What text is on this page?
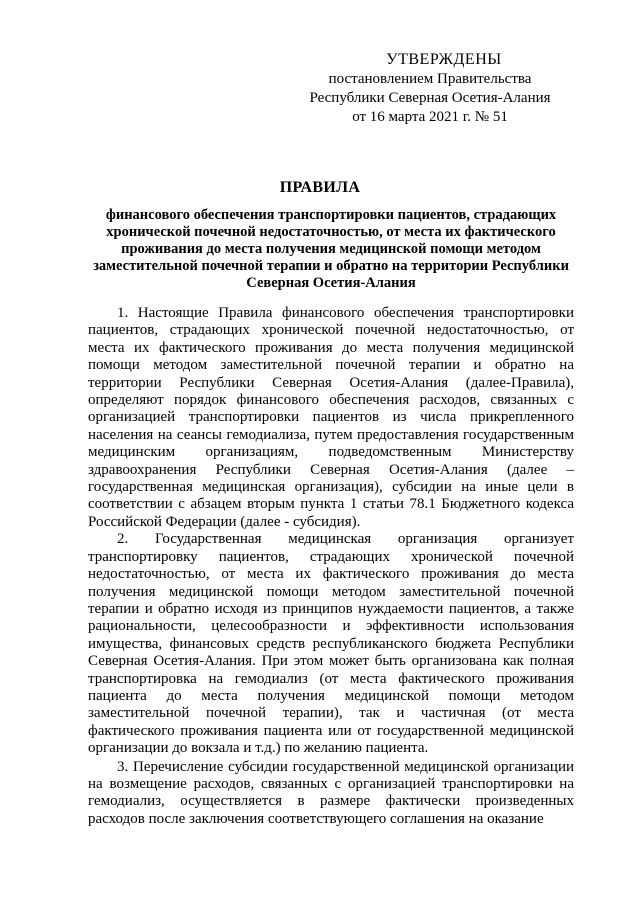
УТВЕРЖДЕНЫ
постановлением Правительства
Республики Северная Осетия-Алания
от 16 марта 2021 г. № 51
ПРАВИЛА
финансового обеспечения транспортировки пациентов, страдающих хронической почечной недостаточностью, от места их фактического проживания до места получения медицинской помощи методом заместительной почечной терапии и обратно на территории Республики Северная Осетия-Алания

1. Настоящие Правила финансового обеспечения транспортировки пациентов, страдающих хронической почечной недостаточностью, от места их фактического проживания до места получения медицинской помощи методом заместительной почечной терапии и обратно на территории Республики Северная Осетия-Алания (далее-Правила), определяют порядок финансового обеспечения расходов, связанных с организацией транспортировки пациентов из числа прикрепленного населения на сеансы гемодиализа, путем предоставления государственным медицинским организациям, подведомственным Министерству здравоохранения Республики Северная Осетия-Алания (далее – государственная медицинская организация), субсидии на иные цели в соответствии с абзацем вторым пункта 1 статьи 78.1 Бюджетного кодекса Российской Федерации (далее - субсидия).

2. Государственная медицинская организация организует транспортировку пациентов, страдающих хронической почечной недостаточностью, от места их фактического проживания до места получения медицинской помощи методом заместительной почечной терапии и обратно исходя из принципов нуждаемости пациентов, а также рациональности, целесообразности и эффективности использования имущества, финансовых средств республиканского бюджета Республики Северная Осетия-Алания. При этом может быть организована как полная транспортировка на гемодиализ (от места фактического проживания пациента до места получения медицинской помощи методом заместительной почечной терапии), так и частичная (от места фактического проживания пациента или от государственной медицинской организации до вокзала и т.д.) по желанию пациента.

3. Перечисление субсидии государственной медицинской организации на возмещение расходов, связанных с организацией транспортировки на гемодиализ, осуществляется в размере фактически произведенных расходов после заключения соответствующего соглашения на оказание
